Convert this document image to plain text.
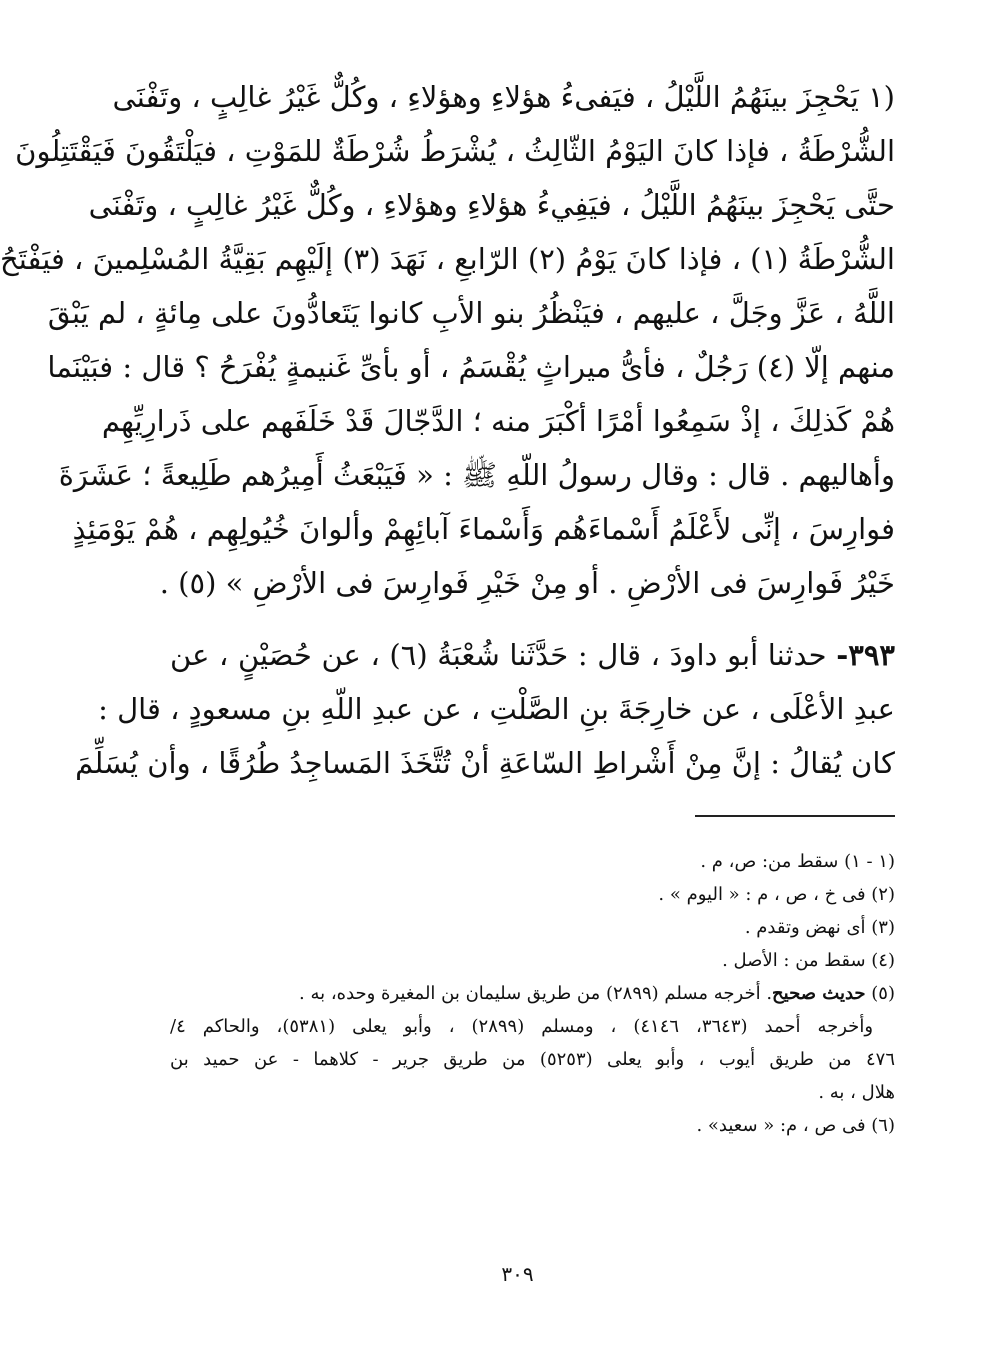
(١ يَحْجِزَ بينَهُمُ اللَّيْلُ ، فيَفىءُ هؤلاءِ وهؤلاءِ ، وكُلٌّ غَيْرُ غالِبٍ ، وتَفْنَى
الشُّرْطَةُ ، فإذا كانَ اليَوْمُ الثّالِثُ ، يُشْرَطُ شُرْطَةٌ للمَوْتِ ، فيَلْتَقُونَ فَيَقْتَتِلُونَ
حتَّى يَحْجِزَ بينَهُمُ اللَّيْلُ ، فيَفِيءُ هؤلاءِ وهؤلاءِ ، وكُلٌّ غَيْرُ غالِبٍ ، وتَفْنَى
الشُّرْطَةُ (١) ، فإذا كانَ يَوْمُ (٢) الرّابعِ ، نَهَدَ (٣) إلَيْهِم بَقِيَّةُ المُسْلِمينَ ، فيَفْتَحُ
اللَّهُ ، عَزَّ وجَلَّ ، عليهم ، فيَنْظُرُ بنو الأبِ كانوا يَتَعادُّونَ على مِائةٍ ، لم يَبْقَ
منهم إلّا (٤) رَجُلٌ ، فأىُّ ميراثٍ يُقْسَمُ ، أو بأىِّ غَنيمةٍ يُفْرَحُ ؟ قال : فبَيْنَما
هُمْ كَذلِكَ ، إذْ سَمِعُوا أمْرًا أكْبَرَ منه ؛ الدَّجّالَ قَدْ خَلَفَهم على ذَرارِيِّهِم
وأهاليهم . قال : وقال رسولُ اللّهِ ﷺ : « فَيَبْعَثُ أَمِيرُهم طَلِيعةً ؛ عَشَرَةَ
فوارِسَ ، إنِّى لأَعْلَمُ أَسْماءَهُم وَأَسْماءَ آبائِهِمْ وألوانَ خُيُولِهِم ، هُمْ يَوْمَئِذٍ
خَيْرُ فَوارِسَ فى الأرْضِ . أو مِنْ خَيْرِ فَوارِسَ فى الأرْضِ » (٥) .
٣٩٣- حدثنا أبو داودَ ، قال : حَدَّثَنا شُعْبَةُ (٦) ، عن حُصَيْنٍ ، عن
عبدِ الأعْلَى ، عن خارِجَةَ بنِ الصَّلْتِ ، عن عبدِ اللّهِ بنِ مسعودٍ ، قال :
كان يُقالُ : إنَّ مِنْ أَشْراطِ السّاعَةِ أنْ تُتَّخَذَ المَساجِدُ طُرُقًا ، وأن يُسَلِّمَ
(١ - ١) سقط من: ص، م .
(٢) فى خ ، ص ، م : « اليوم » .
(٣) أى نهض وتقدم .
(٤) سقط من : الأصل .
(٥) حديث صحيح. أخرجه مسلم (٢٨٩٩) من طريق سليمان بن المغيرة وحده، به .
وأخرجه أحمد (٣٦٤٣، ٤١٤٦) ، ومسلم (٢٨٩٩) ، وأبو يعلى (٥٣٨١)، والحاكم ٤/
٤٧٦ من طريق أيوب ، وأبو يعلى (٥٢٥٣) من طريق جرير - كلاهما - عن حميد بن
هلال ، به .
(٦) فى ص ، م: « سعيد» .
٣٠٩
